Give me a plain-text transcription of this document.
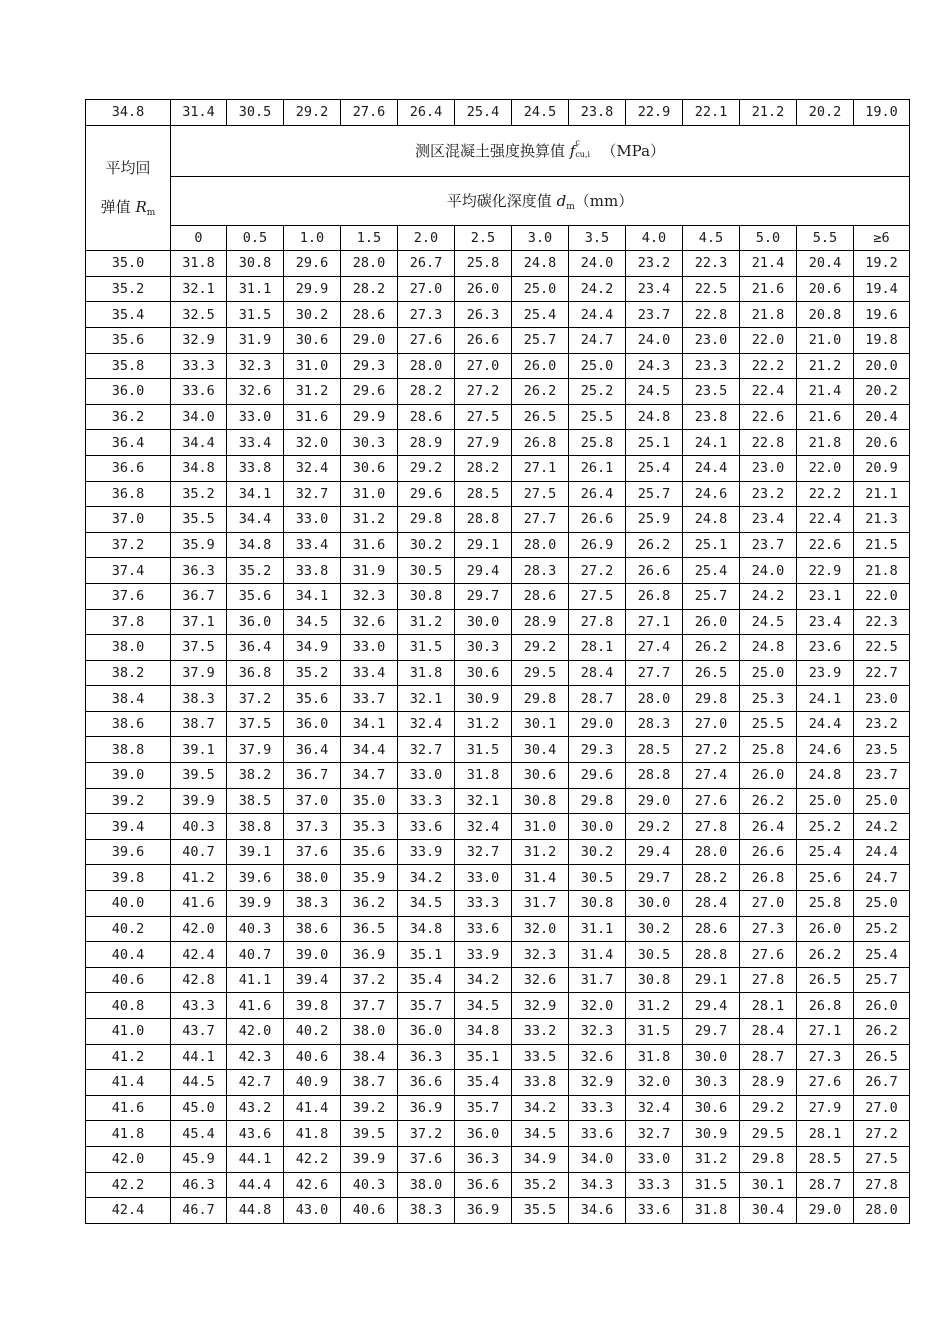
34.8	31.4	30.5	29.2	27.6	26.4	25.4	24.5	23.8	22.9	22.1	21.2	20.2	19.0
平均回
弹值 $R_m$	测区混凝土强度换算值 f c
cu,i （MPa）												
	平均碳化深度值 $d_m(mm)$												
	0	0.5	1.0	1.5	2.0	2.5	3.0	3.5	4.0	4.5	5.0	5.5	≥6
35.0	31.8	30.8	29.6	28.0	26.7	25.8	24.8	24.0	23.2	22.3	21.4	20.4	19.2
35.2	32.1	31.1	29.9	28.2	27.0	26.0	25.0	24.2	23.4	22.5	21.6	20.6	19.4
35.4	32.5	31.5	30.2	28.6	27.3	26.3	25.4	24.4	23.7	22.8	21.8	20.8	19.6
35.6	32.9	31.9	30.6	29.0	27.6	26.6	25.7	24.7	24.0	23.0	22.0	21.0	19.8
35.8	33.3	32.3	31.0	29.3	28.0	27.0	26.0	25.0	24.3	23.3	22.2	21.2	20.0
36.0	33.6	32.6	31.2	29.6	28.2	27.2	26.2	25.2	24.5	23.5	22.4	21.4	20.2
36.2	34.0	33.0	31.6	29.9	28.6	27.5	26.5	25.5	24.8	23.8	22.6	21.6	20.4
36.4	34.4	33.4	32.0	30.3	28.9	27.9	26.8	25.8	25.1	24.1	22.8	21.8	20.6
36.6	34.8	33.8	32.4	30.6	29.2	28.2	27.1	26.1	25.4	24.4	23.0	22.0	20.9
36.8	35.2	34.1	32.7	31.0	29.6	28.5	27.5	26.4	25.7	24.6	23.2	22.2	21.1
37.0	35.5	34.4	33.0	31.2	29.8	28.8	27.7	26.6	25.9	24.8	23.4	22.4	21.3
37.2	35.9	34.8	33.4	31.6	30.2	29.1	28.0	26.9	26.2	25.1	23.7	22.6	21.5
37.4	36.3	35.2	33.8	31.9	30.5	29.4	28.3	27.2	26.6	25.4	24.0	22.9	21.8
37.6	36.7	35.6	34.1	32.3	30.8	29.7	28.6	27.5	26.8	25.7	24.2	23.1	22.0
37.8	37.1	36.0	34.5	32.6	31.2	30.0	28.9	27.8	27.1	26.0	24.5	23.4	22.3
38.0	37.5	36.4	34.9	33.0	31.5	30.3	29.2	28.1	27.4	26.2	24.8	23.6	22.5
38.2	37.9	36.8	35.2	33.4	31.8	30.6	29.5	28.4	27.7	26.5	25.0	23.9	22.7
38.4	38.3	37.2	35.6	33.7	32.1	30.9	29.8	28.7	28.0	29.8	25.3	24.1	23.0
38.6	38.7	37.5	36.0	34.1	32.4	31.2	30.1	29.0	28.3	27.0	25.5	24.4	23.2
38.8	39.1	37.9	36.4	34.4	32.7	31.5	30.4	29.3	28.5	27.2	25.8	24.6	23.5
39.0	39.5	38.2	36.7	34.7	33.0	31.8	30.6	29.6	28.8	27.4	26.0	24.8	23.7
39.2	39.9	38.5	37.0	35.0	33.3	32.1	30.8	29.8	29.0	27.6	26.2	25.0	25.0
39.4	40.3	38.8	37.3	35.3	33.6	32.4	31.0	30.0	29.2	27.8	26.4	25.2	24.2
39.6	40.7	39.1	37.6	35.6	33.9	32.7	31.2	30.2	29.4	28.0	26.6	25.4	24.4
39.8	41.2	39.6	38.0	35.9	34.2	33.0	31.4	30.5	29.7	28.2	26.8	25.6	24.7
40.0	41.6	39.9	38.3	36.2	34.5	33.3	31.7	30.8	30.0	28.4	27.0	25.8	25.0
40.2	42.0	40.3	38.6	36.5	34.8	33.6	32.0	31.1	30.2	28.6	27.3	26.0	25.2
40.4	42.4	40.7	39.0	36.9	35.1	33.9	32.3	31.4	30.5	28.8	27.6	26.2	25.4
40.6	42.8	41.1	39.4	37.2	35.4	34.2	32.6	31.7	30.8	29.1	27.8	26.5	25.7
40.8	43.3	41.6	39.8	37.7	35.7	34.5	32.9	32.0	31.2	29.4	28.1	26.8	26.0
41.0	43.7	42.0	40.2	38.0	36.0	34.8	33.2	32.3	31.5	29.7	28.4	27.1	26.2
41.2	44.1	42.3	40.6	38.4	36.3	35.1	33.5	32.6	31.8	30.0	28.7	27.3	26.5
41.4	44.5	42.7	40.9	38.7	36.6	35.4	33.8	32.9	32.0	30.3	28.9	27.6	26.7
41.6	45.0	43.2	41.4	39.2	36.9	35.7	34.2	33.3	32.4	30.6	29.2	27.9	27.0
41.8	45.4	43.6	41.8	39.5	37.2	36.0	34.5	33.6	32.7	30.9	29.5	28.1	27.2
42.0	45.9	44.1	42.2	39.9	37.6	36.3	34.9	34.0	33.0	31.2	29.8	28.5	27.5
42.2	46.3	44.4	42.6	40.3	38.0	36.6	35.2	34.3	33.3	31.5	30.1	28.7	27.8
42.4	46.7	44.8	43.0	40.6	38.3	36.9	35.5	34.6	33.6	31.8	30.4	29.0	28.0
